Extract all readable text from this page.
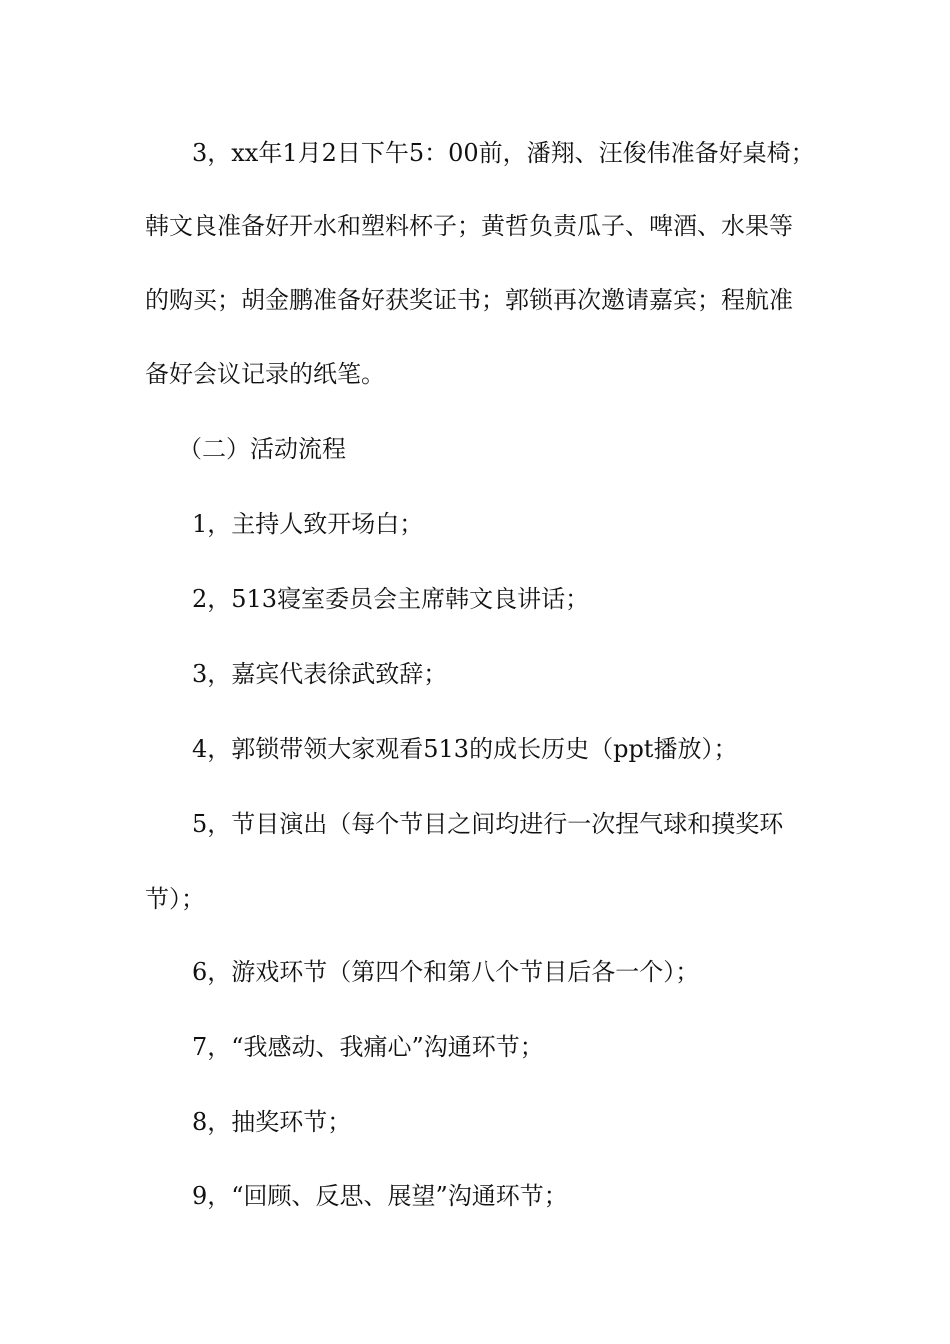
3，xx年1月2日下午5：00前，潘翔、汪俊伟准备好桌椅；
韩文良准备好开水和塑料杯子；黄哲负责瓜子、啤酒、水果等
的购买；胡金鹏准备好获奖证书；郭锁再次邀请嘉宾；程航准
备好会议记录的纸笔。
（二）活动流程
1，主持人致开场白；
2，513寝室委员会主席韩文良讲话；
3，嘉宾代表徐武致辞；
4，郭锁带领大家观看513的成长历史（ppt播放）；
5，节目演出（每个节目之间均进行一次捏气球和摸奖环
节）；
6，游戏环节（第四个和第八个节目后各一个）；
7，“我感动、我痛心”沟通环节；
8，抽奖环节；
9，“回顾、反思、展望”沟通环节；
